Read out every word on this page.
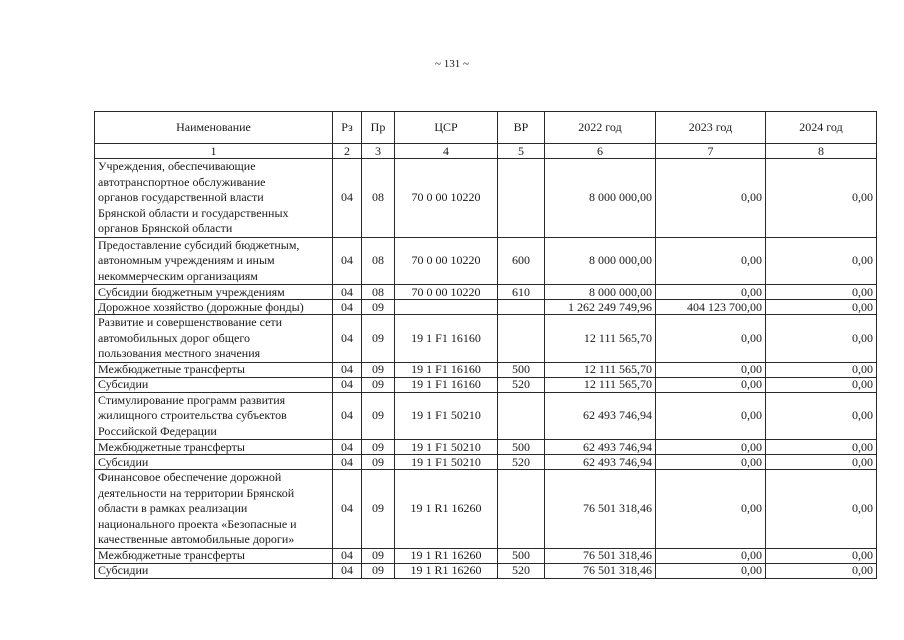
~ 131 ~
Наименование	Рз	Пр	ЦСР	ВР	2022 год	2023 год	2024 год
1	2	3	4	5	6	7	8

Учреждения, обеспечивающие
автотранспортное обслуживание
органов государственной власти
Брянской области и государственных
органов Брянской области	04	08	70 0 00 10220		8 000 000,00	0,00	0,00

Предоставление субсидий бюджетным,
автономным учреждениям и иным
некоммерческим организациям	04	08	70 0 00 10220	600	8 000 000,00	0,00	0,00

Субсидии бюджетным учреждениям	04	08	70 0 00 10220	610	8 000 000,00	0,00	0,00

Дорожное хозяйство (дорожные фонды)	04	09			1 262 249 749,96	404 123 700,00	0,00

Развитие и совершенствование сети
автомобильных дорог общего
пользования местного значения	04	09	19 1 F1 16160		12 111 565,70	0,00	0,00

Межбюджетные трансферты	04	09	19 1 F1 16160	500	12 111 565,70	0,00	0,00

Субсидии	04	09	19 1 F1 16160	520	12 111 565,70	0,00	0,00

Стимулирование программ развития
жилищного строительства субъектов
Российской Федерации	04	09	19 1 F1 50210		62 493 746,94	0,00	0,00

Межбюджетные трансферты	04	09	19 1 F1 50210	500	62 493 746,94	0,00	0,00

Субсидии	04	09	19 1 F1 50210	520	62 493 746,94	0,00	0,00

Финансовое обеспечение дорожной
деятельности на территории Брянской
области в рамках реализации
национального проекта «Безопасные и
качественные автомобильные дороги»	04	09	19 1 R1 16260		76 501 318,46	0,00	0,00

Межбюджетные трансферты	04	09	19 1 R1 16260	500	76 501 318,46	0,00	0,00

Субсидии	04	09	19 1 R1 16260	520	76 501 318,46	0,00	0,00
